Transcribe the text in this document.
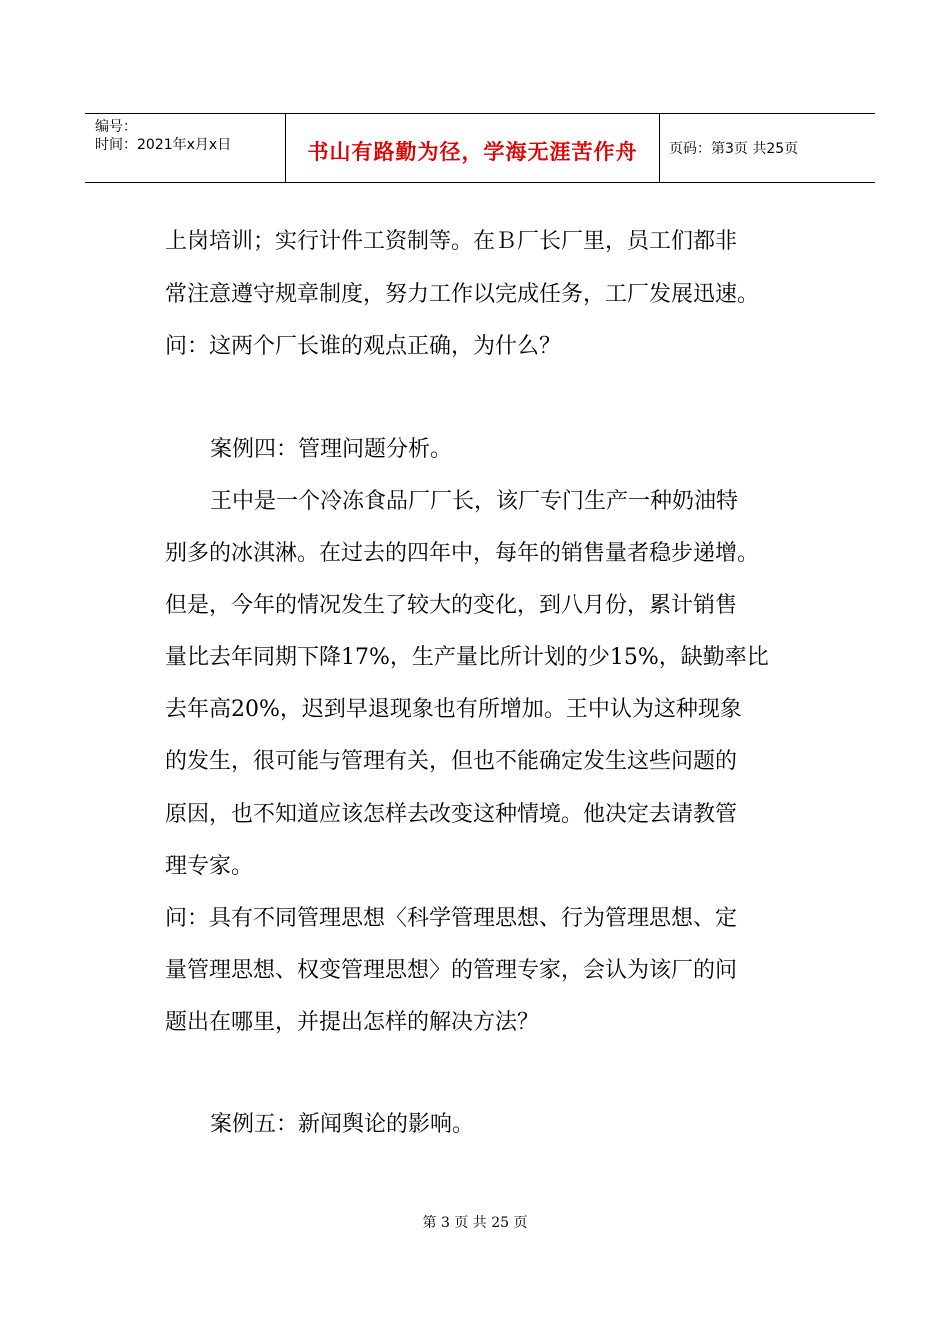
编号：
时间：2021年x月x日	书山有路勤为径，学海无涯苦作舟	页码：第3页 共25页
上岗培训；实行计件工资制等。在Ｂ厂长厂里，员工们都非
常注意遵守规章制度，努力工作以完成任务，工厂发展迅速。
问：这两个厂长谁的观点正确，为什么？
案例四：管理问题分析。
王中是一个冷冻食品厂厂长，该厂专门生产一种奶油特
别多的冰淇淋。在过去的四年中，每年的销售量者稳步递增。
但是，今年的情况发生了较大的变化，到八月份，累计销售
量比去年同期下降17%，生产量比所计划的少15%，缺勤率比
去年高20%，迟到早退现象也有所增加。王中认为这种现象
的发生，很可能与管理有关，但也不能确定发生这些问题的
原因，也不知道应该怎样去改变这种情境。他决定去请教管
理专家。
问：具有不同管理思想〈科学管理思想、行为管理思想、定
量管理思想、权变管理思想〉的管理专家，会认为该厂的问
题出在哪里，并提出怎样的解决方法？
案例五：新闻舆论的影响。
第 3 页 共 25 页
